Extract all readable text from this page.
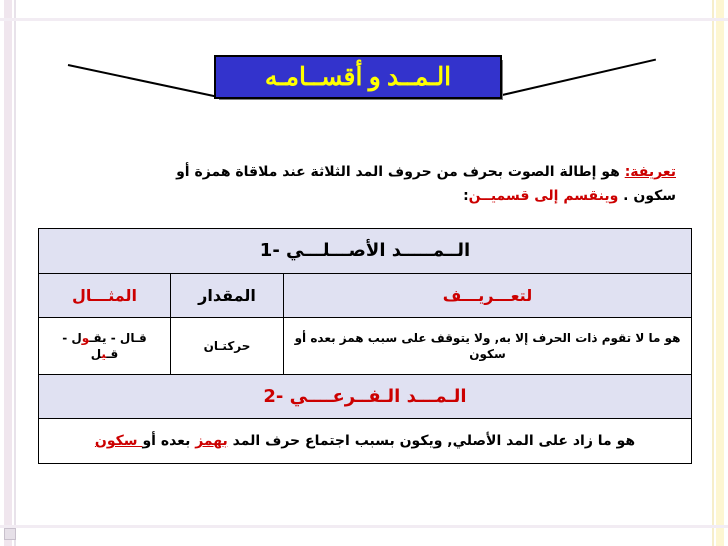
الـمــد و أقســامـه
تعريفة: هو إطالة الصوت بحرف من حروف المد الثلاثة عند ملاقاة همزة أو
سكون . وينقسم إلى قسميــن:
الــمـــــد الأصـــلـــي -1		
لتعـــريـــف	المقدار	المثـــال
هو ما لا تقوم ذات الحرف إلا به, ولا يتوقف على سبب همز بعده أو سكون	حركتـان	قـال - يقـول -
قـيل
الـمـــد الـفــرعــــي -2		
هو ما زاد على المد الأصلي, ويكون بسبب اجتماع حرف المد بهمز بعده أو سكون		
